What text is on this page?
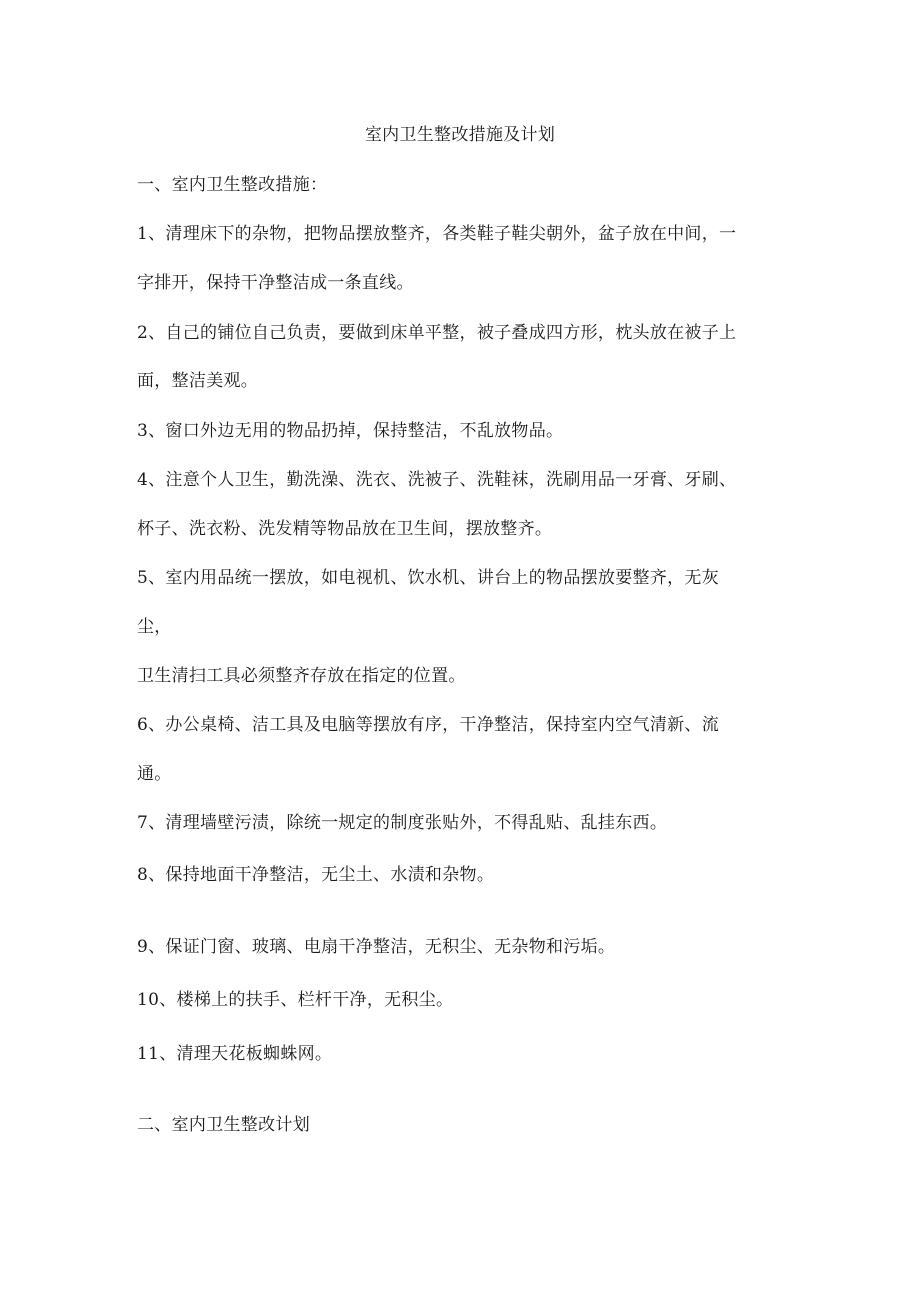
室内卫生整改措施及计划
一、室内卫生整改措施：
1、清理床下的杂物，把物品摆放整齐，各类鞋子鞋尖朝外，盆子放在中间，一
字排开，保持干净整洁成一条直线。
2、自己的铺位自己负责，要做到床单平整，被子叠成四方形，枕头放在被子上
面，整洁美观。
3、窗口外边无用的物品扔掉，保持整洁，不乱放物品。
4、注意个人卫生，勤洗澡、洗衣、洗被子、洗鞋袜，洗刷用品一牙膏、牙刷、
杯子、洗衣粉、洗发精等物品放在卫生间，摆放整齐。
5、室内用品统一摆放，如电视机、饮水机、讲台上的物品摆放要整齐，无灰
尘，
卫生清扫工具必须整齐存放在指定的位置。
6、办公桌椅、洁工具及电脑等摆放有序，干净整洁，保持室内空气清新、流
通。
7、清理墙壁污渍，除统一规定的制度张贴外，不得乱贴、乱挂东西。
8、保持地面干净整洁，无尘土、水渍和杂物。
9、保证门窗、玻璃、电扇干净整洁，无积尘、无杂物和污垢。
10、楼梯上的扶手、栏杆干净，无积尘。
11、清理天花板蜘蛛网。
二、室内卫生整改计划
